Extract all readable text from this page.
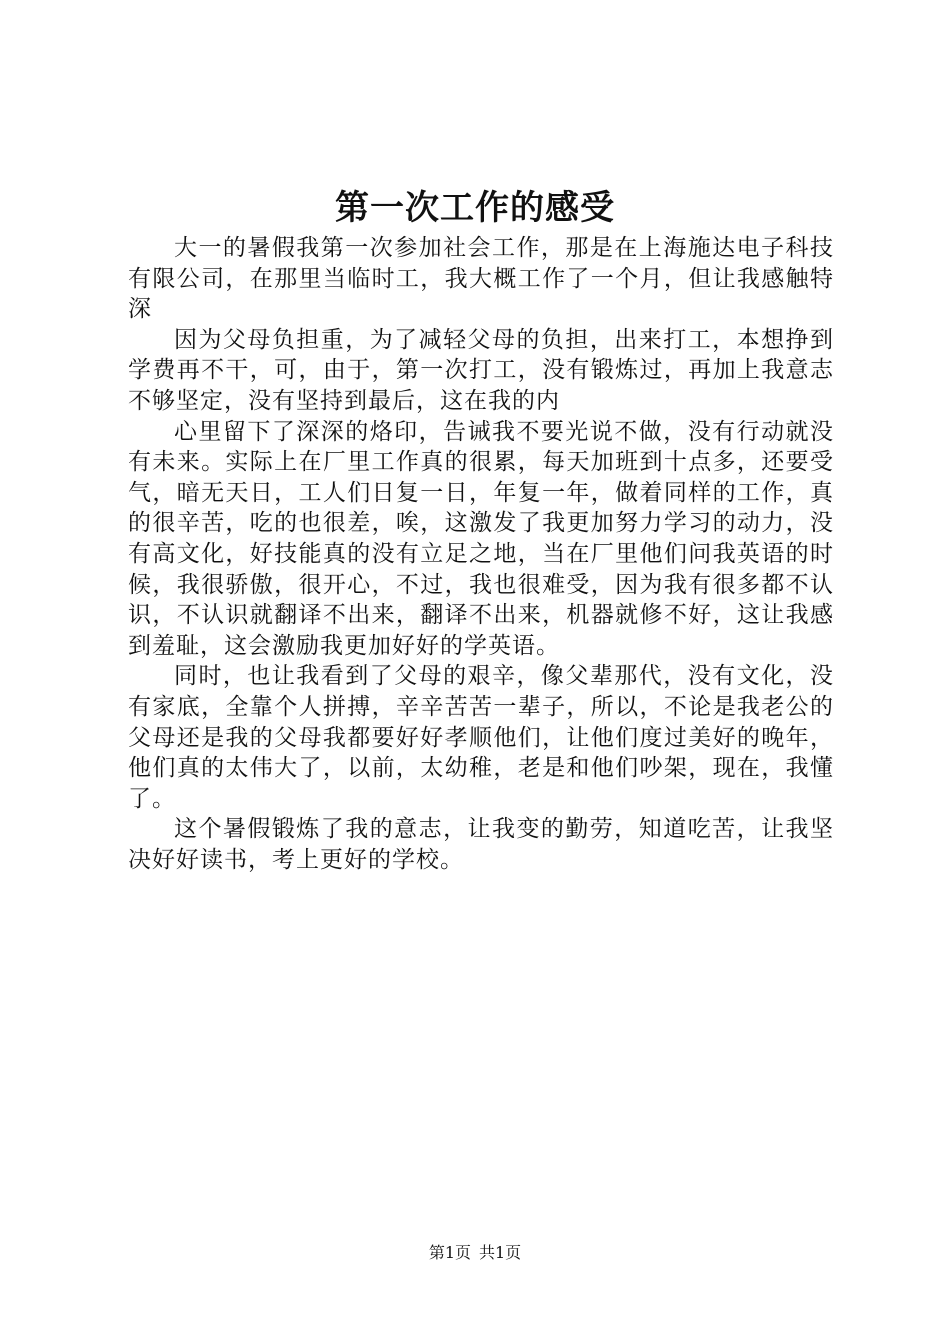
第一次工作的感受

大一的暑假我第一次参加社会工作，那是在上海施达电子科技有限公司，在那里当临时工，我大概工作了一个月，但让我感触特深

因为父母负担重，为了减轻父母的负担，出来打工，本想挣到学费再不干，可，由于，第一次打工，没有锻炼过，再加上我意志不够坚定，没有坚持到最后，这在我的内

心里留下了深深的烙印，告诫我不要光说不做，没有行动就没有未来。实际上在厂里工作真的很累，每天加班到十点多，还要受气，暗无天日，工人们日复一日，年复一年，做着同样的工作，真的很辛苦，吃的也很差，唉，这激发了我更加努力学习的动力，没有高文化，好技能真的没有立足之地，当在厂里他们问我英语的时候，我很骄傲，很开心，不过，我也很难受，因为我有很多都不认识，不认识就翻译不出来，翻译不出来，机器就修不好，这让我感到羞耻，这会激励我更加好好的学英语。

同时，也让我看到了父母的艰辛，像父辈那代，没有文化，没有家底，全靠个人拼搏，辛辛苦苦一辈子，所以，不论是我老公的父母还是我的父母我都要好好孝顺他们，让他们度过美好的晚年，他们真的太伟大了，以前，太幼稚，老是和他们吵架，现在，我懂了。

这个暑假锻炼了我的意志，让我变的勤劳，知道吃苦，让我坚决好好读书，考上更好的学校。

第1页 共1页
